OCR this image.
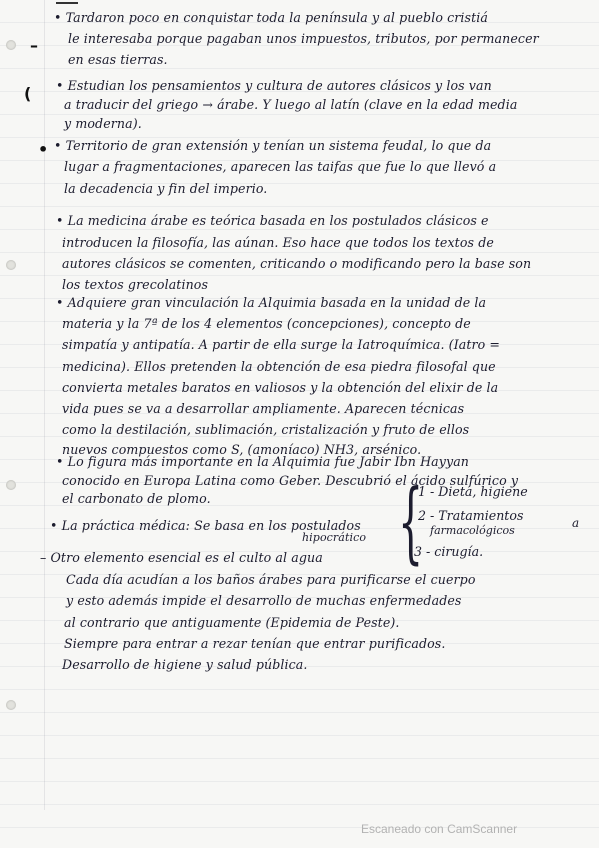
–
(
•
• Tardaron poco en conquistar toda la península y al pueblo cristiá
le interesaba porque pagaban unos impuestos, tributos, por permanecer
en esas tierras.
• Estudian los pensamientos y cultura de autores clásicos y los van
a traducir del griego → árabe. Y luego al latín (clave en la edad media
y moderna).
• Territorio de gran extensión y tenían un sistema feudal, lo que da
lugar a fragmentaciones, aparecen las taifas que fue lo que llevó a
la decadencia y fin del imperio.
• La medicina árabe es teórica basada en los postulados clásicos e
introducen la filosofía, las aúnan. Eso hace que todos los textos de
autores clásicos se comenten, criticando o modificando pero la base son
los textos grecolatinos
• Adquiere gran vinculación la Alquimia basada en la unidad de la
materia y la 7ª de los 4 elementos (concepciones), concepto de
simpatía y antipatía. A partir de ella surge la Iatroquímica. (Iatro =
medicina). Ellos pretenden la obtención de esa piedra filosofal que
convierta metales baratos en valiosos y la obtención del elixir de la
vida pues se va a desarrollar ampliamente. Aparecen técnicas
como la destilación, sublimación, cristalización y fruto de ellos
nuevos compuestos como S, (amoníaco) NH3, arsénico.
• Lo figura más importante en la Alquimia fue Jabir Ibn Hayyan
conocido en Europa Latina como Geber. Descubrió el ácido sulfúrico y
el carbonato de plomo.
• La práctica médica: Se basa en los postulados
hipocrático {
1 - Dieta, higiene
2 - Tratamientos
farmacológicos
3 - cirugía.
a
– Otro elemento esencial es el culto al agua
Cada día acudían a los baños árabes para purificarse el cuerpo
y esto además impide el desarrollo de muchas enfermedades
al contrario que antiguamente (Epidemia de Peste).
Siempre para entrar a rezar tenían que entrar purificados.
Desarrollo de higiene y salud pública.
Escaneado con CamScanner
